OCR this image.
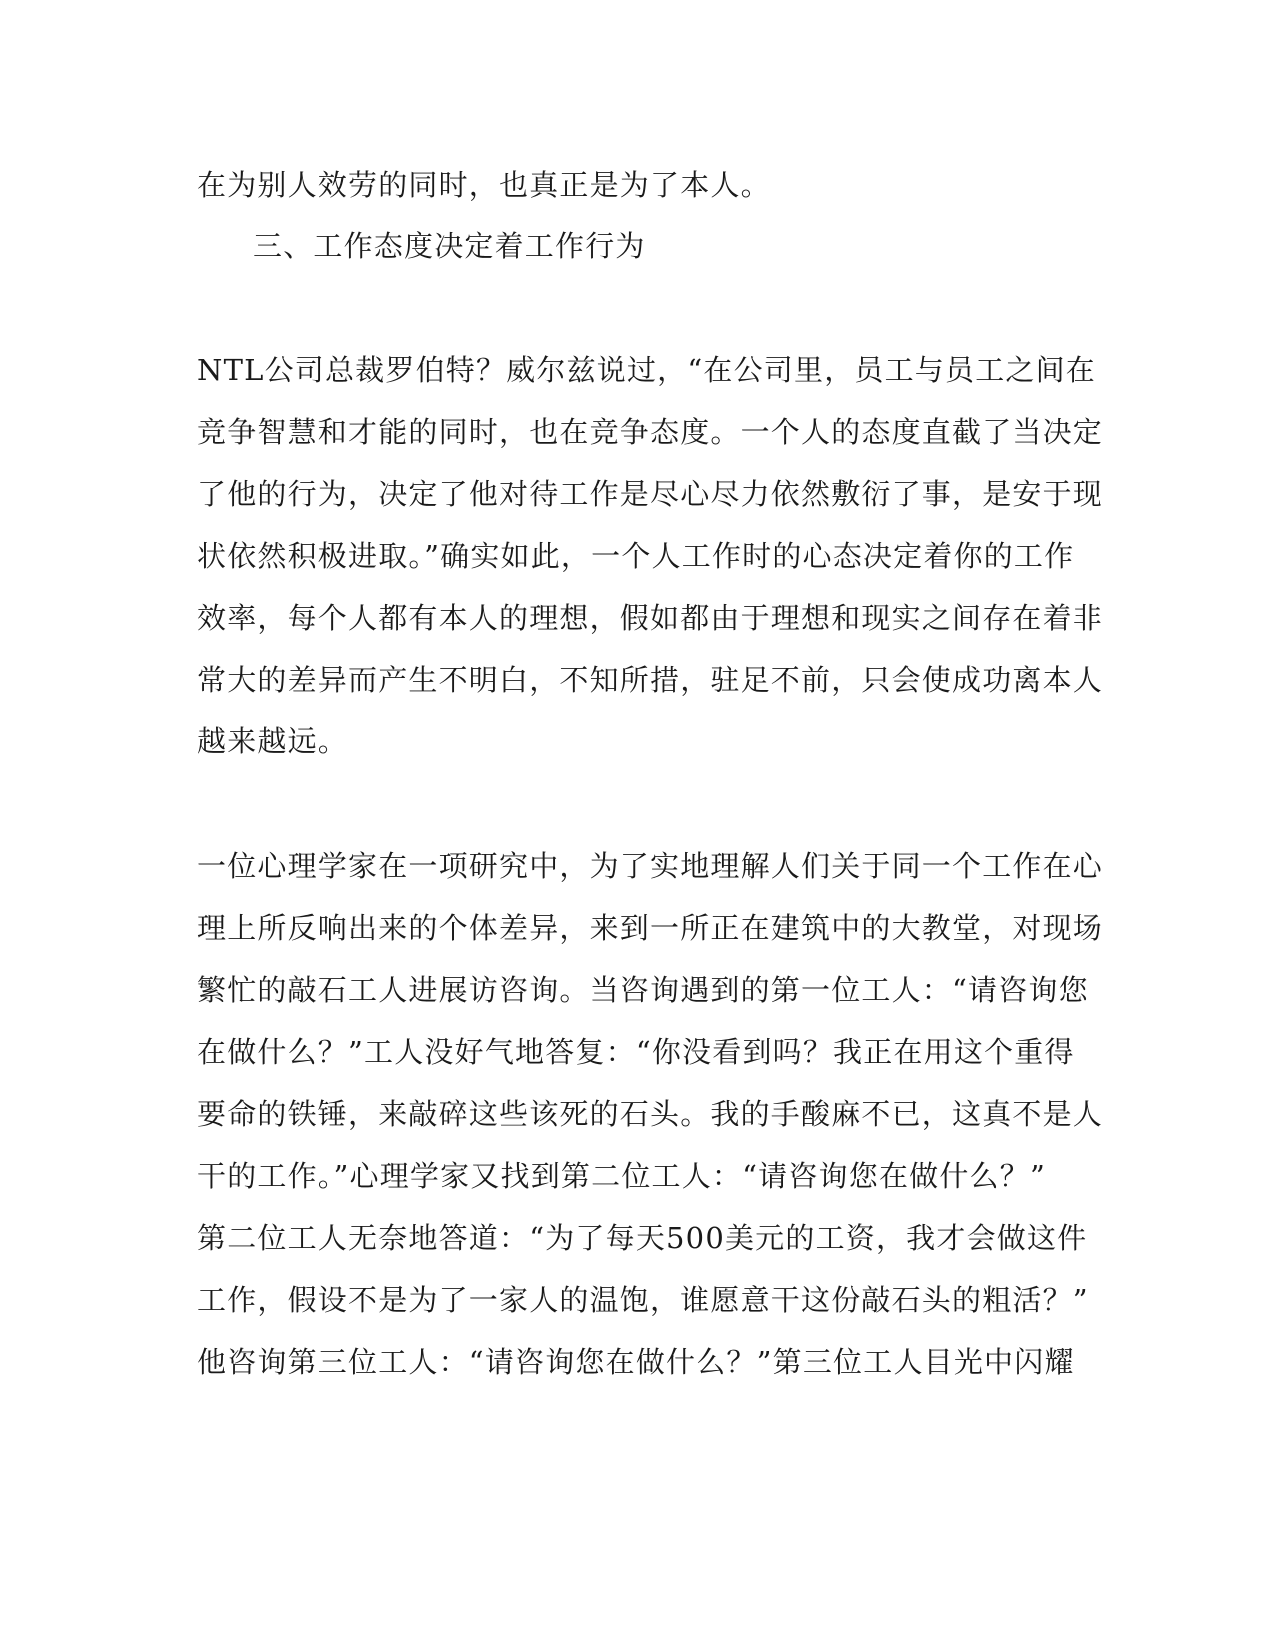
在为别人效劳的同时，也真正是为了本人。
三、工作态度决定着工作行为
NTL公司总裁罗伯特？威尔兹说过，“在公司里，员工与员工之间在
竞争智慧和才能的同时，也在竞争态度。一个人的态度直截了当决定
了他的行为，决定了他对待工作是尽心尽力依然敷衍了事，是安于现
状依然积极进取。”确实如此，一个人工作时的心态决定着你的工作
效率，每个人都有本人的理想，假如都由于理想和现实之间存在着非
常大的差异而产生不明白，不知所措，驻足不前，只会使成功离本人
越来越远。
一位心理学家在一项研究中，为了实地理解人们关于同一个工作在心
理上所反响出来的个体差异，来到一所正在建筑中的大教堂，对现场
繁忙的敲石工人进展访咨询。当咨询遇到的第一位工人：“请咨询您
在做什么？”工人没好气地答复：“你没看到吗？我正在用这个重得
要命的铁锤，来敲碎这些该死的石头。我的手酸麻不已，这真不是人
干的工作。”心理学家又找到第二位工人：“请咨询您在做什么？”
第二位工人无奈地答道：“为了每天500美元的工资，我才会做这件
工作，假设不是为了一家人的温饱，谁愿意干这份敲石头的粗活？”
他咨询第三位工人：“请咨询您在做什么？”第三位工人目光中闪耀
